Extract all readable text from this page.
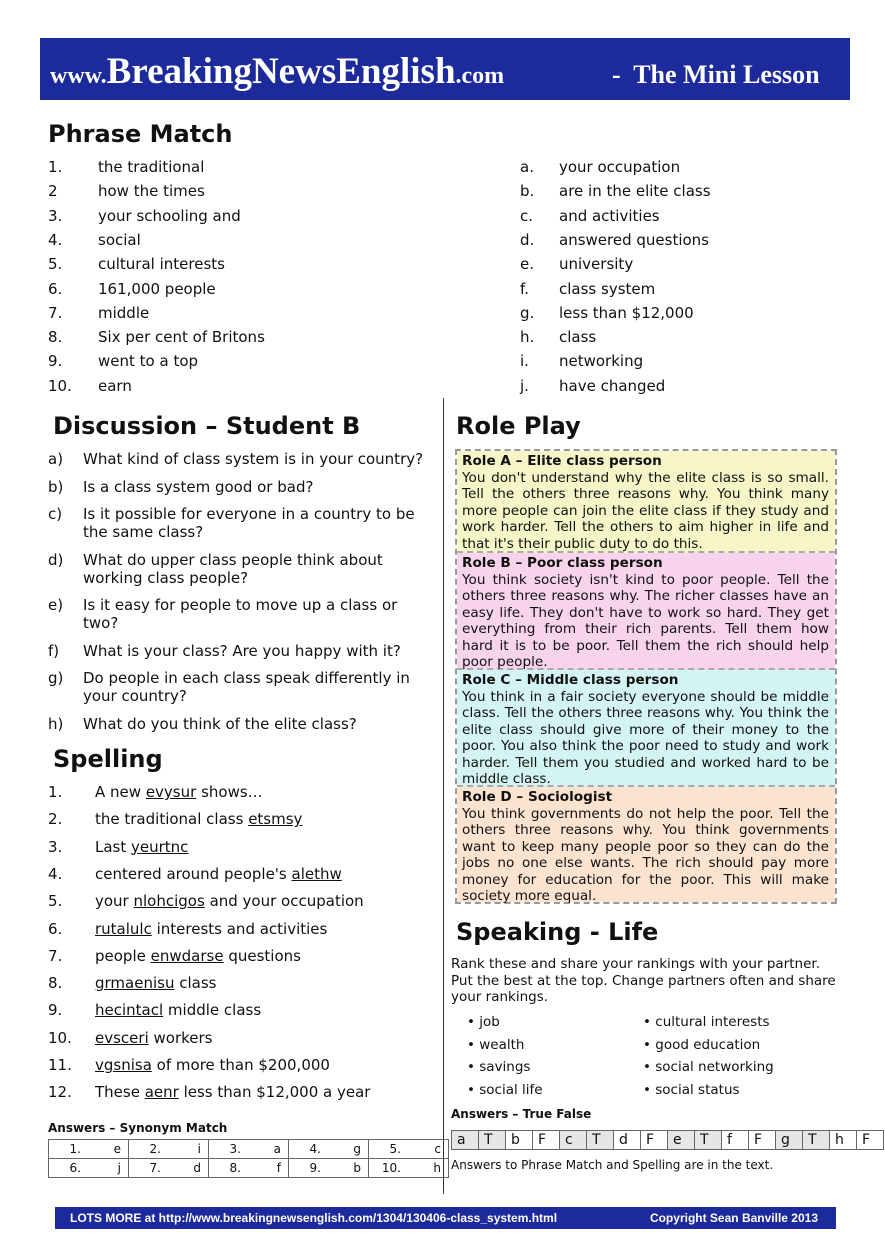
www.BreakingNewsEnglish.com	- The Mini Lesson
Phrase Match
1. the traditional
2	how the times
3. your schooling and
4. social
5. cultural interests
6. 161,000 people
7. middle
8. Six per cent of Britons
9. went to a top
10. earn
a. your occupation
b. are in the elite class
c. and activities
d. answered questions
e. university
f. class system
g. less than $12,000
h. class
i. networking
j. have changed
Discussion – Student B
a) What kind of class system is in your country?
b) Is a class system good or bad?
c) Is it possible for everyone in a country to be the same class?
d) What do upper class people think about working class people?
e) Is it easy for people to move up a class or two?
f) What is your class? Are you happy with it?
g) Do people in each class speak differently in your country?
h) What do you think of the elite class?
Spelling
1. A new evysur shows…
2. the traditional class etsmsy
3. Last yeurtnc
4. centered around people's alethw
5. your nlohcigos and your occupation
6. rutalulc interests and activities
7. people enwdarse questions
8. grmaenisu class
9. hecintacl middle class
10. evsceri workers
11. vgsnisa of more than $200,000
12. These aenr less than $12,000 a year
Answers – Synonym Match
1. e	2. i	3. a	4. g	5. c
6. j	7. d	8. f	9. b	10. h
Role Play
Role A – Elite class person
You don't understand why the elite class is so small. Tell the others three reasons why. You think many more people can join the elite class if they study and work harder. Tell the others to aim higher in life and that it's their public duty to do this.
Role B – Poor class person
You think society isn't kind to poor people. Tell the others three reasons why. The richer classes have an easy life. They don't have to work so hard. They get everything from their rich parents. Tell them how hard it is to be poor. Tell them the rich should help poor people.
Role C – Middle class person
You think in a fair society everyone should be middle class. Tell the others three reasons why. You think the elite class should give more of their money to the poor. You also think the poor need to study and work harder. Tell them you studied and worked hard to be middle class.
Role D – Sociologist
You think governments do not help the poor. Tell the others three reasons why. You think governments want to keep many people poor so they can do the jobs no one else wants. The rich should pay more money for education for the poor. This will make society more equal.
Speaking - Life
Rank these and share your rankings with your partner. Put the best at the top. Change partners often and share your rankings.
• job
• wealth
• savings
• social life
• cultural interests
• good education
• social networking
• social status
Answers – True False
a	T	b	F	c	T	d	F	e	T	f	F	g	T	h	F
Answers to Phrase Match and Spelling are in the text.
LOTS MORE at http://www.breakingnewsenglish.com/1304/130406-class_system.html	Copyright Sean Banville 2013
